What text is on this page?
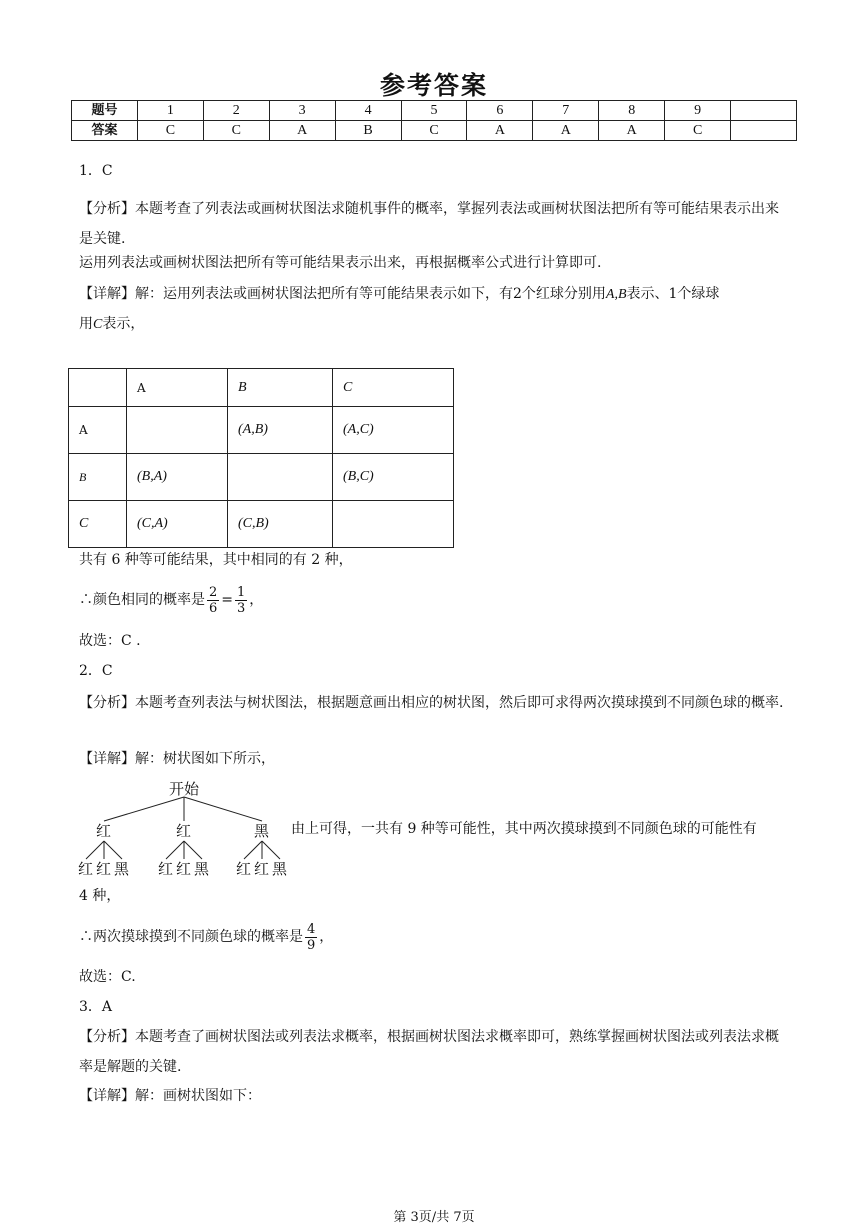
参考答案
题号	1	2	3	4	5	6	7	8	9	
答案	C	C	A	B	C	A	A	A	C	
1．C
【分析】本题考查了列表法或画树状图法求随机事件的概率，掌握列表法或画树状图法把所有等可能结果表示出来是关键.
运用列表法或画树状图法把所有等可能结果表示出来，再根据概率公式进行计算即可.
【详解】解：运用列表法或画树状图法把所有等可能结果表示如下，有2个红球分别用A,B表示、1个绿球
用C表示，
	A	B	C
A		(A,B)	(A,C)
B	(B,A)		(B,C)
C	(C,A)	(C,B)	
共有 6 种等可能结果，其中相同的有 2 种，
∴颜色相同的概率是 $\frac{2}{6} = \frac{1}{3}$ ，
故选：C .
2．C
【分析】本题考查列表法与树状图法，根据题意画出相应的树状图，然后即可求得两次摸球摸到不同颜色球的概率.
【详解】解：树状图如下所示，
开始
红	红	黑
红 红 黑 红 红 黑 红 红 黑
由上可得，一共有 9 种等可能性，其中两次摸球摸到不同颜色球的可能性有
4 种，
∴两次摸球摸到不同颜色球的概率是 $\frac{4}{9}$ ，
故选：C.
3．A
【分析】本题考查了画树状图法或列表法求概率，根据画树状图法求概率即可，熟练掌握画树状图法或列表法求概率是解题的关键.
【详解】解：画树状图如下：
第 3页/共 7页
